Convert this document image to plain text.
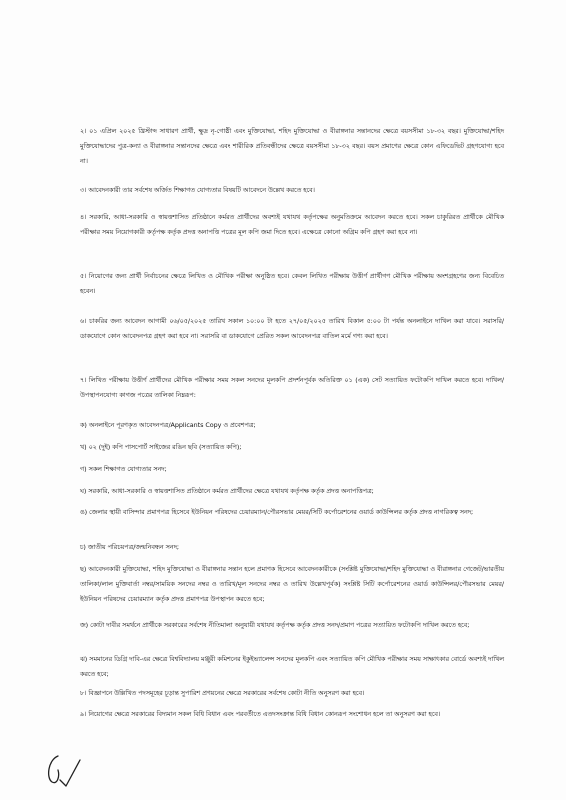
২। ০১ এপ্রিল ২০২৫ খ্রিস্টাব্দ সাধারণ প্রার্থী, ক্ষুদ্র নৃ-গোষ্ঠী এবং মুক্তিযোদ্ধা, শহিদ মুক্তিযোদ্ধা ও বীরাঙ্গনার সন্তানদের ক্ষেত্রে বয়সসীমা ১৮-৩২ বছর। মুক্তিযোদ্ধা/শহিদ মুক্তিযোদ্ধাদের পুত্র-কন্যা ও বীরাঙ্গনার সন্তানদের ক্ষেত্রে এবং শারীরিক প্রতিবন্ধীদের ক্ষেত্রে বয়সসীমা ১৮-৩২ বছর। বয়স প্রমাণের ক্ষেত্রে কোন এফিডেভিট গ্রহণযোগ্য হবে না।

৩। আবেদনকারী তার সর্বশেষ অর্জিত শিক্ষাগত যোগ্যতার বিষয়টি আবেদনে উল্লেখ করতে হবে।

৪। সরকারি, আধা-সরকারি ও স্বায়ত্তশাসিত প্রতিষ্ঠানে কর্মরত প্রার্থীদের অবশ্যই যথাযথ কর্তৃপক্ষের অনুমতিক্রমে আবেদন করতে হবে। সকল চাকুরিরত প্রার্থীকে মৌখিক পরীক্ষার সময় নিয়োগকারী কর্তৃপক্ষ কর্তৃক প্রদত্ত অনাপত্তি পত্রের মূল কপি জমা দিতে হবে। এক্ষেত্রে কোনো অগ্রিম কপি গ্রহণ করা হবে না।

৫। নিয়োগের জন্য প্রার্থী নির্বাচনের ক্ষেত্রে লিখিত ও মৌখিক পরীক্ষা অনুষ্ঠিত হবে। কেবল লিখিত পরীক্ষায় উত্তীর্ণ প্রার্থীগণ মৌখিক পরীক্ষায় অংশগ্রহণের জন্য বিবেচিত হবেন।

৬। চাকরির জন্য আবেদন আগামী ০৬/০৫/২০২৫ তারিখ সকাল ১০:০০ টা হতে ২৭/০৫/২০২৫ তারিখ বিকাল ৫:০০ টা পর্যন্ত অনলাইনে দাখিল করা যাবে। সরাসরি/ডাকযোগে কোন আবেদনপত্র গ্রহণ করা হবে না। সরাসরি বা ডাকযোগে প্রেরিত সকল আবেদনপত্র বাতিল মর্মে গণ্য করা হবে।

৭। লিখিত পরীক্ষায় উত্তীর্ণ প্রার্থীদের মৌখিক পরীক্ষার সময় সকল সনদের মূলকপি প্রদর্শনপূর্বক অতিরিক্ত ০১ (এক) সেট সত্যায়িত ফটোকপি দাখিল করতে হবে। দাখিল/উপস্থাপনযোগ্য কাগজ পত্রের তালিকা নিম্নরূপ:

ক) অনলাইনে পূরণকৃত আবেদনপত্র/Applicants Copy ও প্রবেশপত্র;

খ) ০২ (দুই) কপি পাসপোর্ট সাইজের রঙিন ছবি (সত্যায়িত কপি);

গ) সকল শিক্ষাগত যোগ্যতার সনদ;

ঘ) সরকারি, আধা-সরকারি ও স্বায়ত্তশাসিত প্রতিষ্ঠানে কর্মরত প্রার্থীদের ক্ষেত্রে যথাযথ কর্তৃপক্ষ কর্তৃক প্রদত্ত অনাপত্তিপত্র;

ঙ) জেলার স্থায়ী বাসিন্দার প্রমাণপত্র হিসেবে ইউনিয়ন পরিষদের চেয়ারম্যান/পৌরসভার মেয়র/সিটি কর্পোরেশনের ওয়ার্ড কাউন্সিলর কর্তৃক প্রদত্ত নাগরিকত্ব সনদ;

চ) জাতীয় পরিচয়পত্র/জন্মনিবন্ধন সনদ;

ছ) আবেদনকারী মুক্তিযোদ্ধা, শহিদ মুক্তিযোদ্ধা ও বীরাঙ্গনার সন্তান হলে প্রমাণক হিসেবে আবেদনকারীকে (সংশ্লিষ্ট মুক্তিযোদ্ধা/শহিদ মুক্তিযোদ্ধা ও বীরাঙ্গনার গেজেট/ভারতীয় তালিকা/লাল মুক্তিবার্তা নম্বর/সাময়িক সনদের নম্বর ও তারিখ/মূল সনদের নম্বর ও তারিখ উল্লেখপূর্বক) সংশ্লিষ্ট সিটি কর্পোরেশনের ওয়ার্ড কাউন্সিলর/পৌরসভার মেয়র/ইউনিয়ন পরিষদের চেয়ারম্যান কর্তৃক প্রদত্ত প্রমাণপত্র উপস্থাপন করতে হবে;

জ) কোটা দাবীর সমর্থনে প্রার্থীকে সরকারের সর্বশেষ নীতিমালা অনুযায়ী যথাযথ কর্তৃপক্ষ কর্তৃক প্রদত্ত সনদ/প্রমাণ পত্রের সত্যায়িত ফটোকপি দাখিল করতে হবে;

ঝ) সমমানের ডিগ্রি দাবি-এর ক্ষেত্রে বিশ্ববিদ্যালয় মঞ্জুরী কমিশনের ইকুইভ্যালেন্স সনদের মূলকপি এবং সত্যায়িত কপি মৌখিক পরীক্ষার সময় সাক্ষাৎকার বোর্ডে অবশ্যই দাখিল করতে হবে;

৮। বিজ্ঞাপনে উল্লিখিত পদসমূহের চূড়ান্ত সুপারিশ প্রণয়নের ক্ষেত্রে সরকারের সর্বশেষ কোটা নীতি অনুসরণ করা হবে।

৯। নিয়োগের ক্ষেত্রে সরকারের বিদ্যমান সকল বিধি বিধান এবং পরবর্তীতে এতদসংক্রান্ত বিধি বিধান কোনরূপ সংশোধন হলে তা অনুসরণ করা হবে।
